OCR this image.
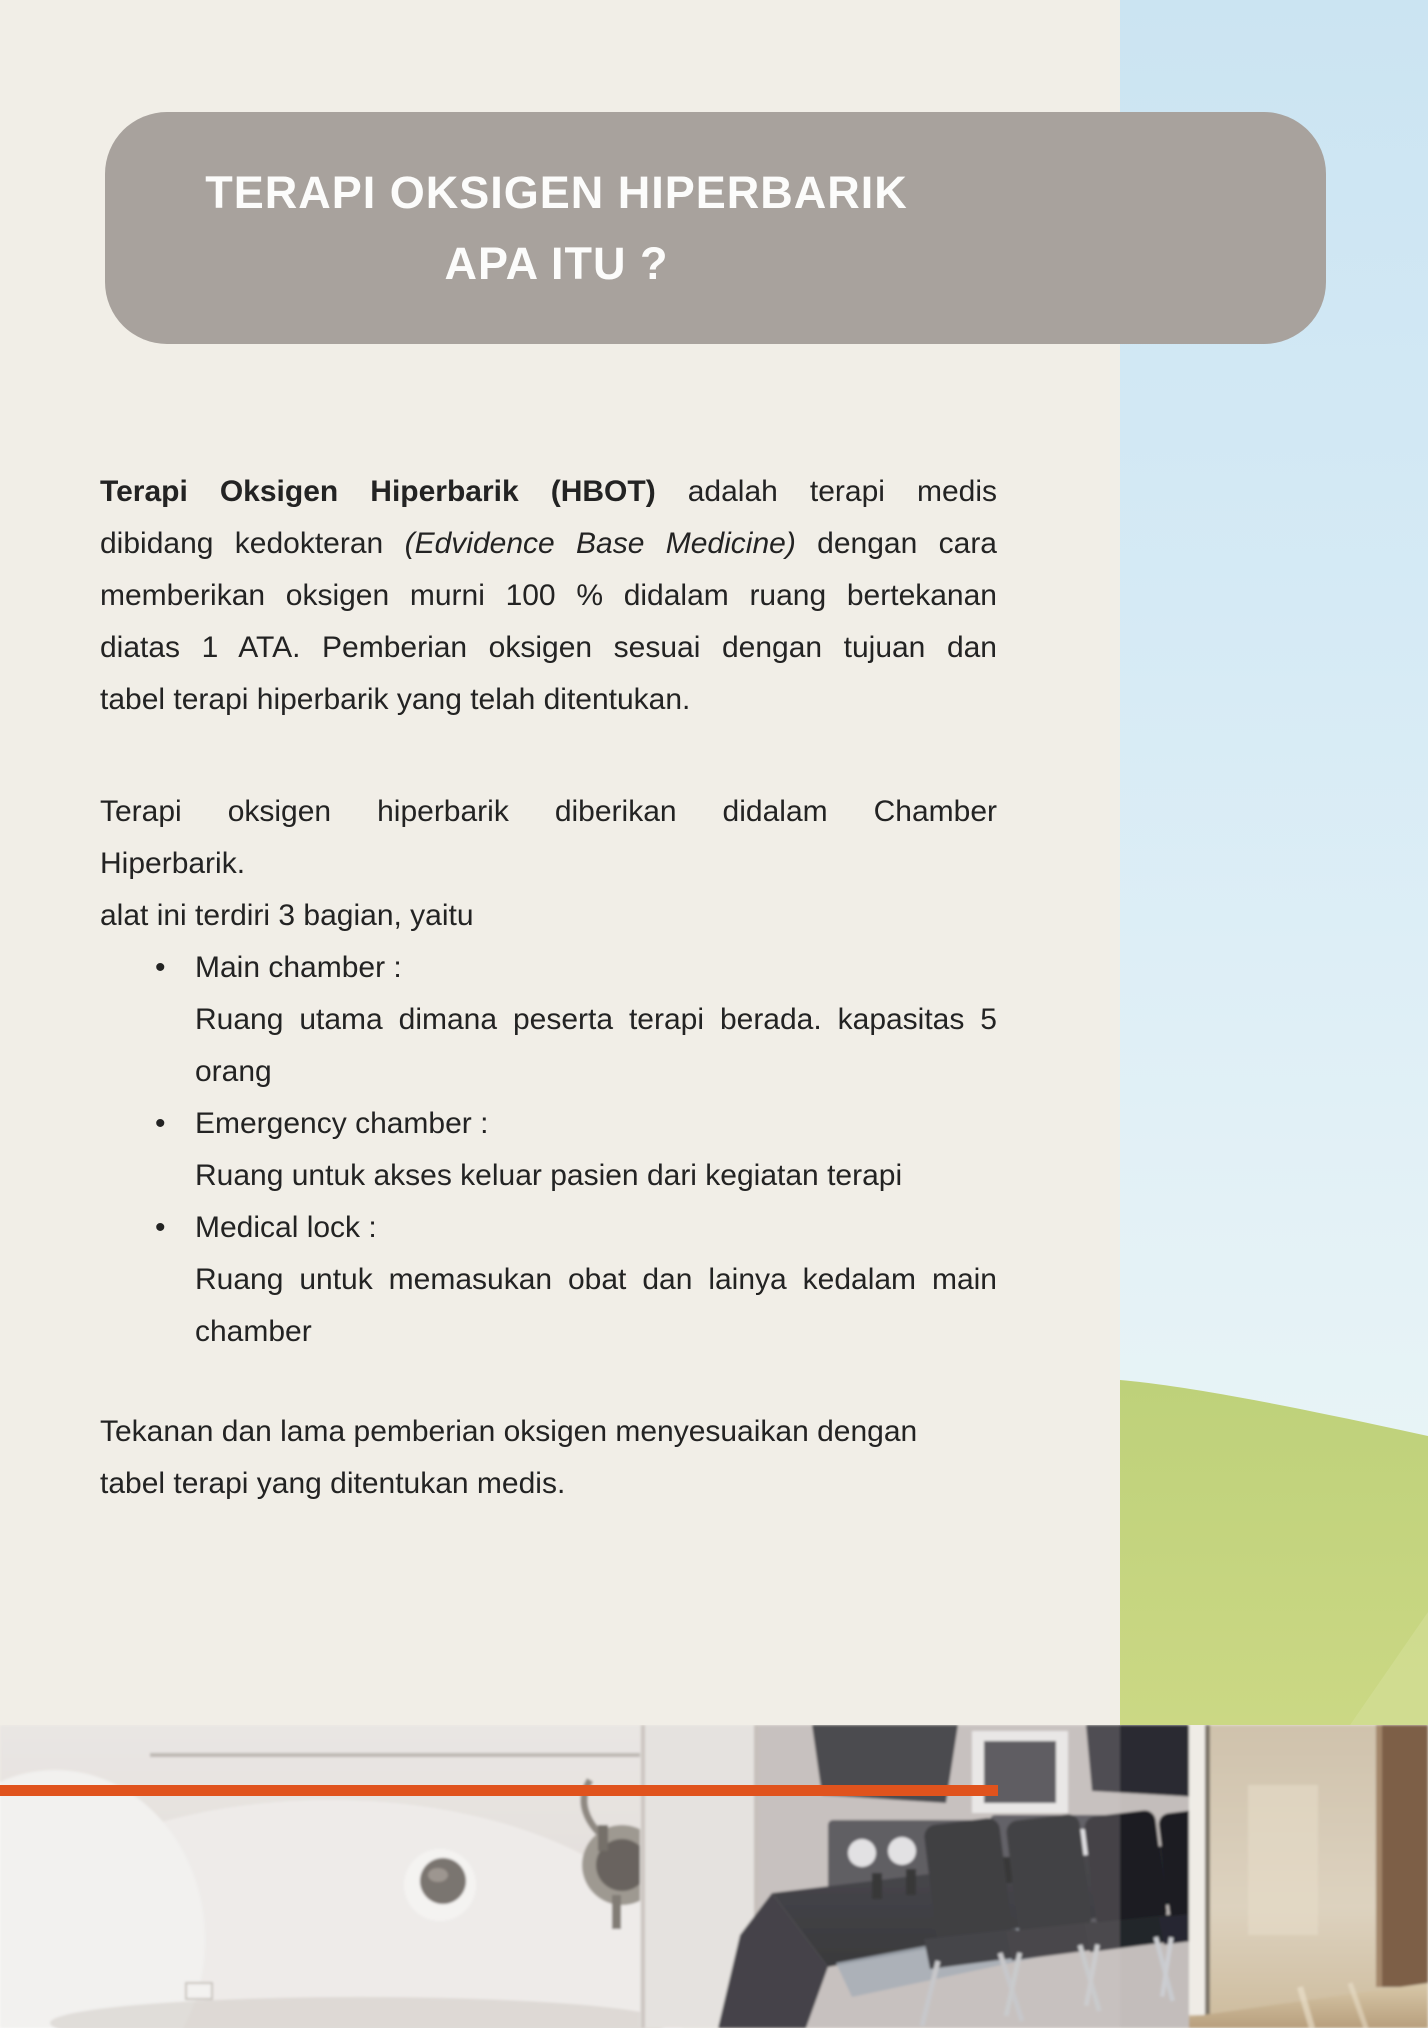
TERAPI OKSIGEN HIPERBARIK
APA ITU ?
Terapi Oksigen Hiperbarik (HBOT) adalah terapi medis
dibidang kedokteran (Edvidence Base Medicine) dengan cara
memberikan oksigen murni 100 % didalam ruang bertekanan
diatas 1 ATA. Pemberian oksigen sesuai dengan tujuan dan
tabel terapi hiperbarik yang telah ditentukan.
Terapi oksigen hiperbarik diberikan didalam Chamber
Hiperbarik.
alat ini terdiri 3 bagian, yaitu
• Main chamber :
Ruang utama dimana peserta terapi berada. kapasitas 5
orang
• Emergency chamber :
Ruang untuk akses keluar pasien dari kegiatan terapi
• Medical lock :
Ruang untuk memasukan obat dan lainya kedalam main
chamber
Tekanan dan lama pemberian oksigen menyesuaikan dengan
tabel terapi yang ditentukan medis.
